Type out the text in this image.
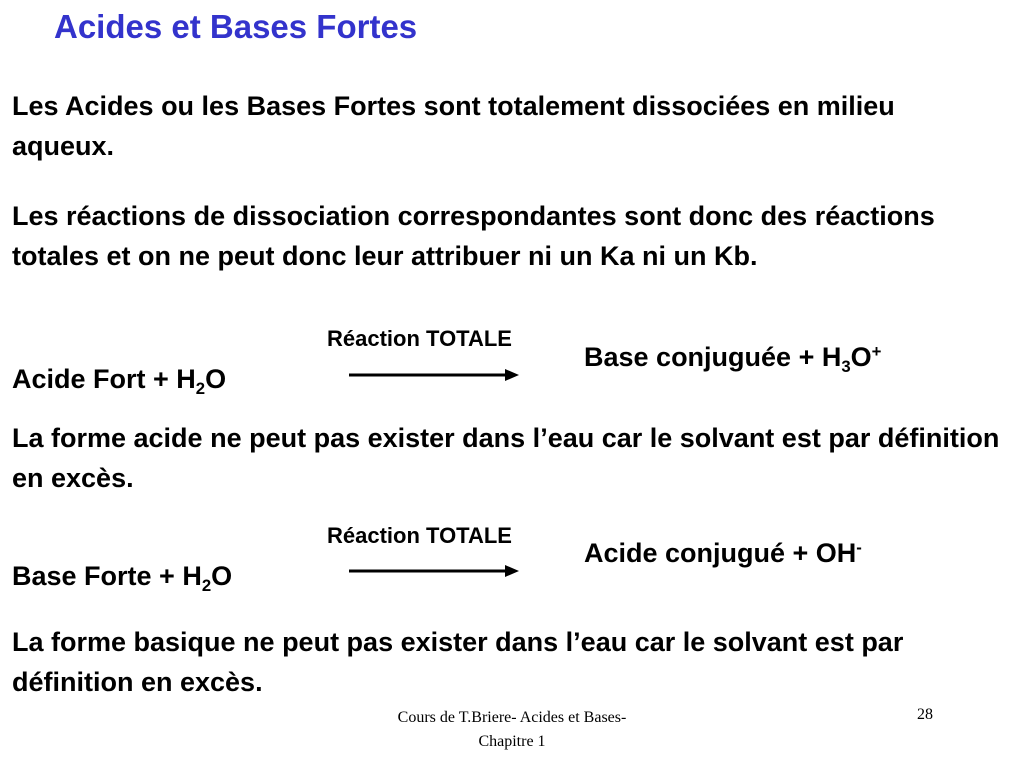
Acides et Bases Fortes
Les Acides ou les Bases Fortes sont totalement dissociées en milieu aqueux.
Les réactions de dissociation correspondantes sont donc des réactions totales et on ne peut donc leur attribuer ni un Ka ni un Kb.
Réaction TOTALE
Acide Fort + $H_2O$
Base conjuguée + $H_3O^+$
La forme acide ne peut pas exister dans l’eau car le solvant est par définition en excès.
Réaction TOTALE
Base Forte + $H_2O$
Acide conjugué + OH-
La forme basique ne peut pas exister dans l’eau car le solvant est par définition en excès.
Cours de T.Briere- Acides et Bases-
Chapitre 1
28
